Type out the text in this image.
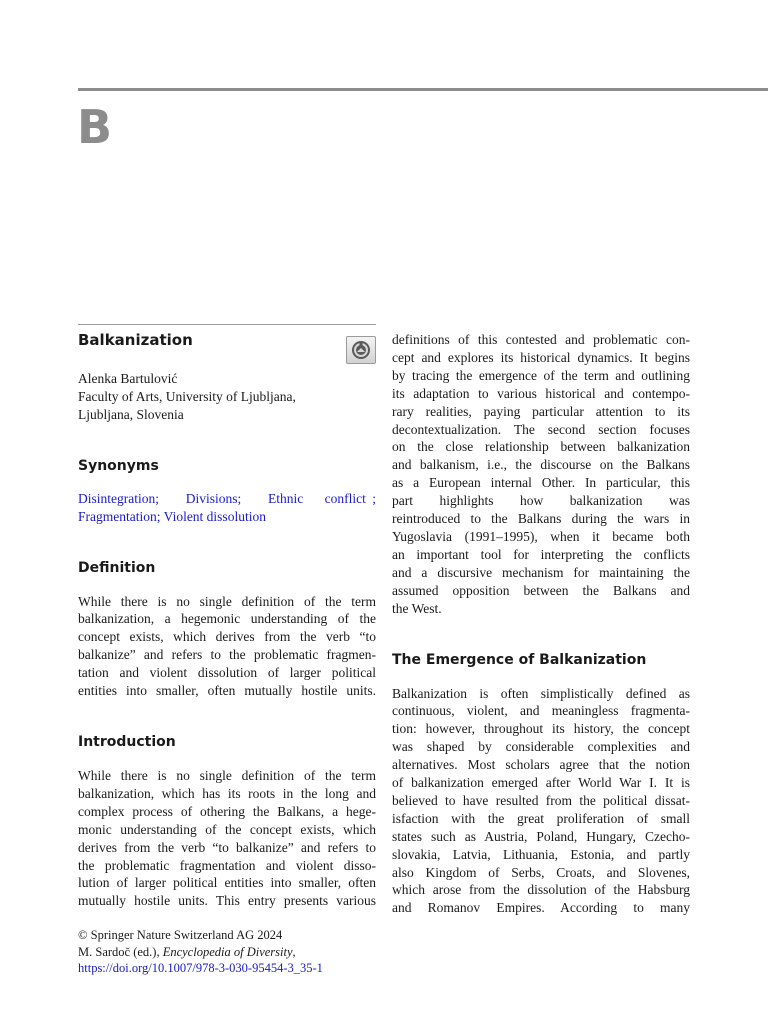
B
Balkanization
Alenka Bartulović
Faculty of Arts, University of Ljubljana,
Ljubljana, Slovenia
Synonyms
Disintegration; Divisions; Ethnic conflict ;
Fragmentation; Violent dissolution
Definition
While there is no single definition of the term
balkanization, a hegemonic understanding of the
concept exists, which derives from the verb “to
balkanize” and refers to the problematic fragmen-
tation and violent dissolution of larger political
entities into smaller, often mutually hostile units.
Introduction
While there is no single definition of the term
balkanization, which has its roots in the long and
complex process of othering the Balkans, a hege-
monic understanding of the concept exists, which
derives from the verb “to balkanize” and refers to
the problematic fragmentation and violent disso-
lution of larger political entities into smaller, often
mutually hostile units. This entry presents various
definitions of this contested and problematic con-
cept and explores its historical dynamics. It begins
by tracing the emergence of the term and outlining
its adaptation to various historical and contempo-
rary realities, paying particular attention to its
decontextualization. The second section focuses
on the close relationship between balkanization
and balkanism, i.e., the discourse on the Balkans
as a European internal Other. In particular, this
part highlights how balkanization was
reintroduced to the Balkans during the wars in
Yugoslavia (1991–1995), when it became both
an important tool for interpreting the conflicts
and a discursive mechanism for maintaining the
assumed opposition between the Balkans and
the West.
The Emergence of Balkanization
Balkanization is often simplistically defined as
continuous, violent, and meaningless fragmenta-
tion: however, throughout its history, the concept
was shaped by considerable complexities and
alternatives. Most scholars agree that the notion
of balkanization emerged after World War I. It is
believed to have resulted from the political dissat-
isfaction with the great proliferation of small
states such as Austria, Poland, Hungary, Czecho-
slovakia, Latvia, Lithuania, Estonia, and partly
also Kingdom of Serbs, Croats, and Slovenes,
which arose from the dissolution of the Habsburg
and Romanov Empires. According to many
© Springer Nature Switzerland AG 2024
M. Sardoč (ed.), Encyclopedia of Diversity,
https://doi.org/10.1007/978-3-030-95454-3_35-1
